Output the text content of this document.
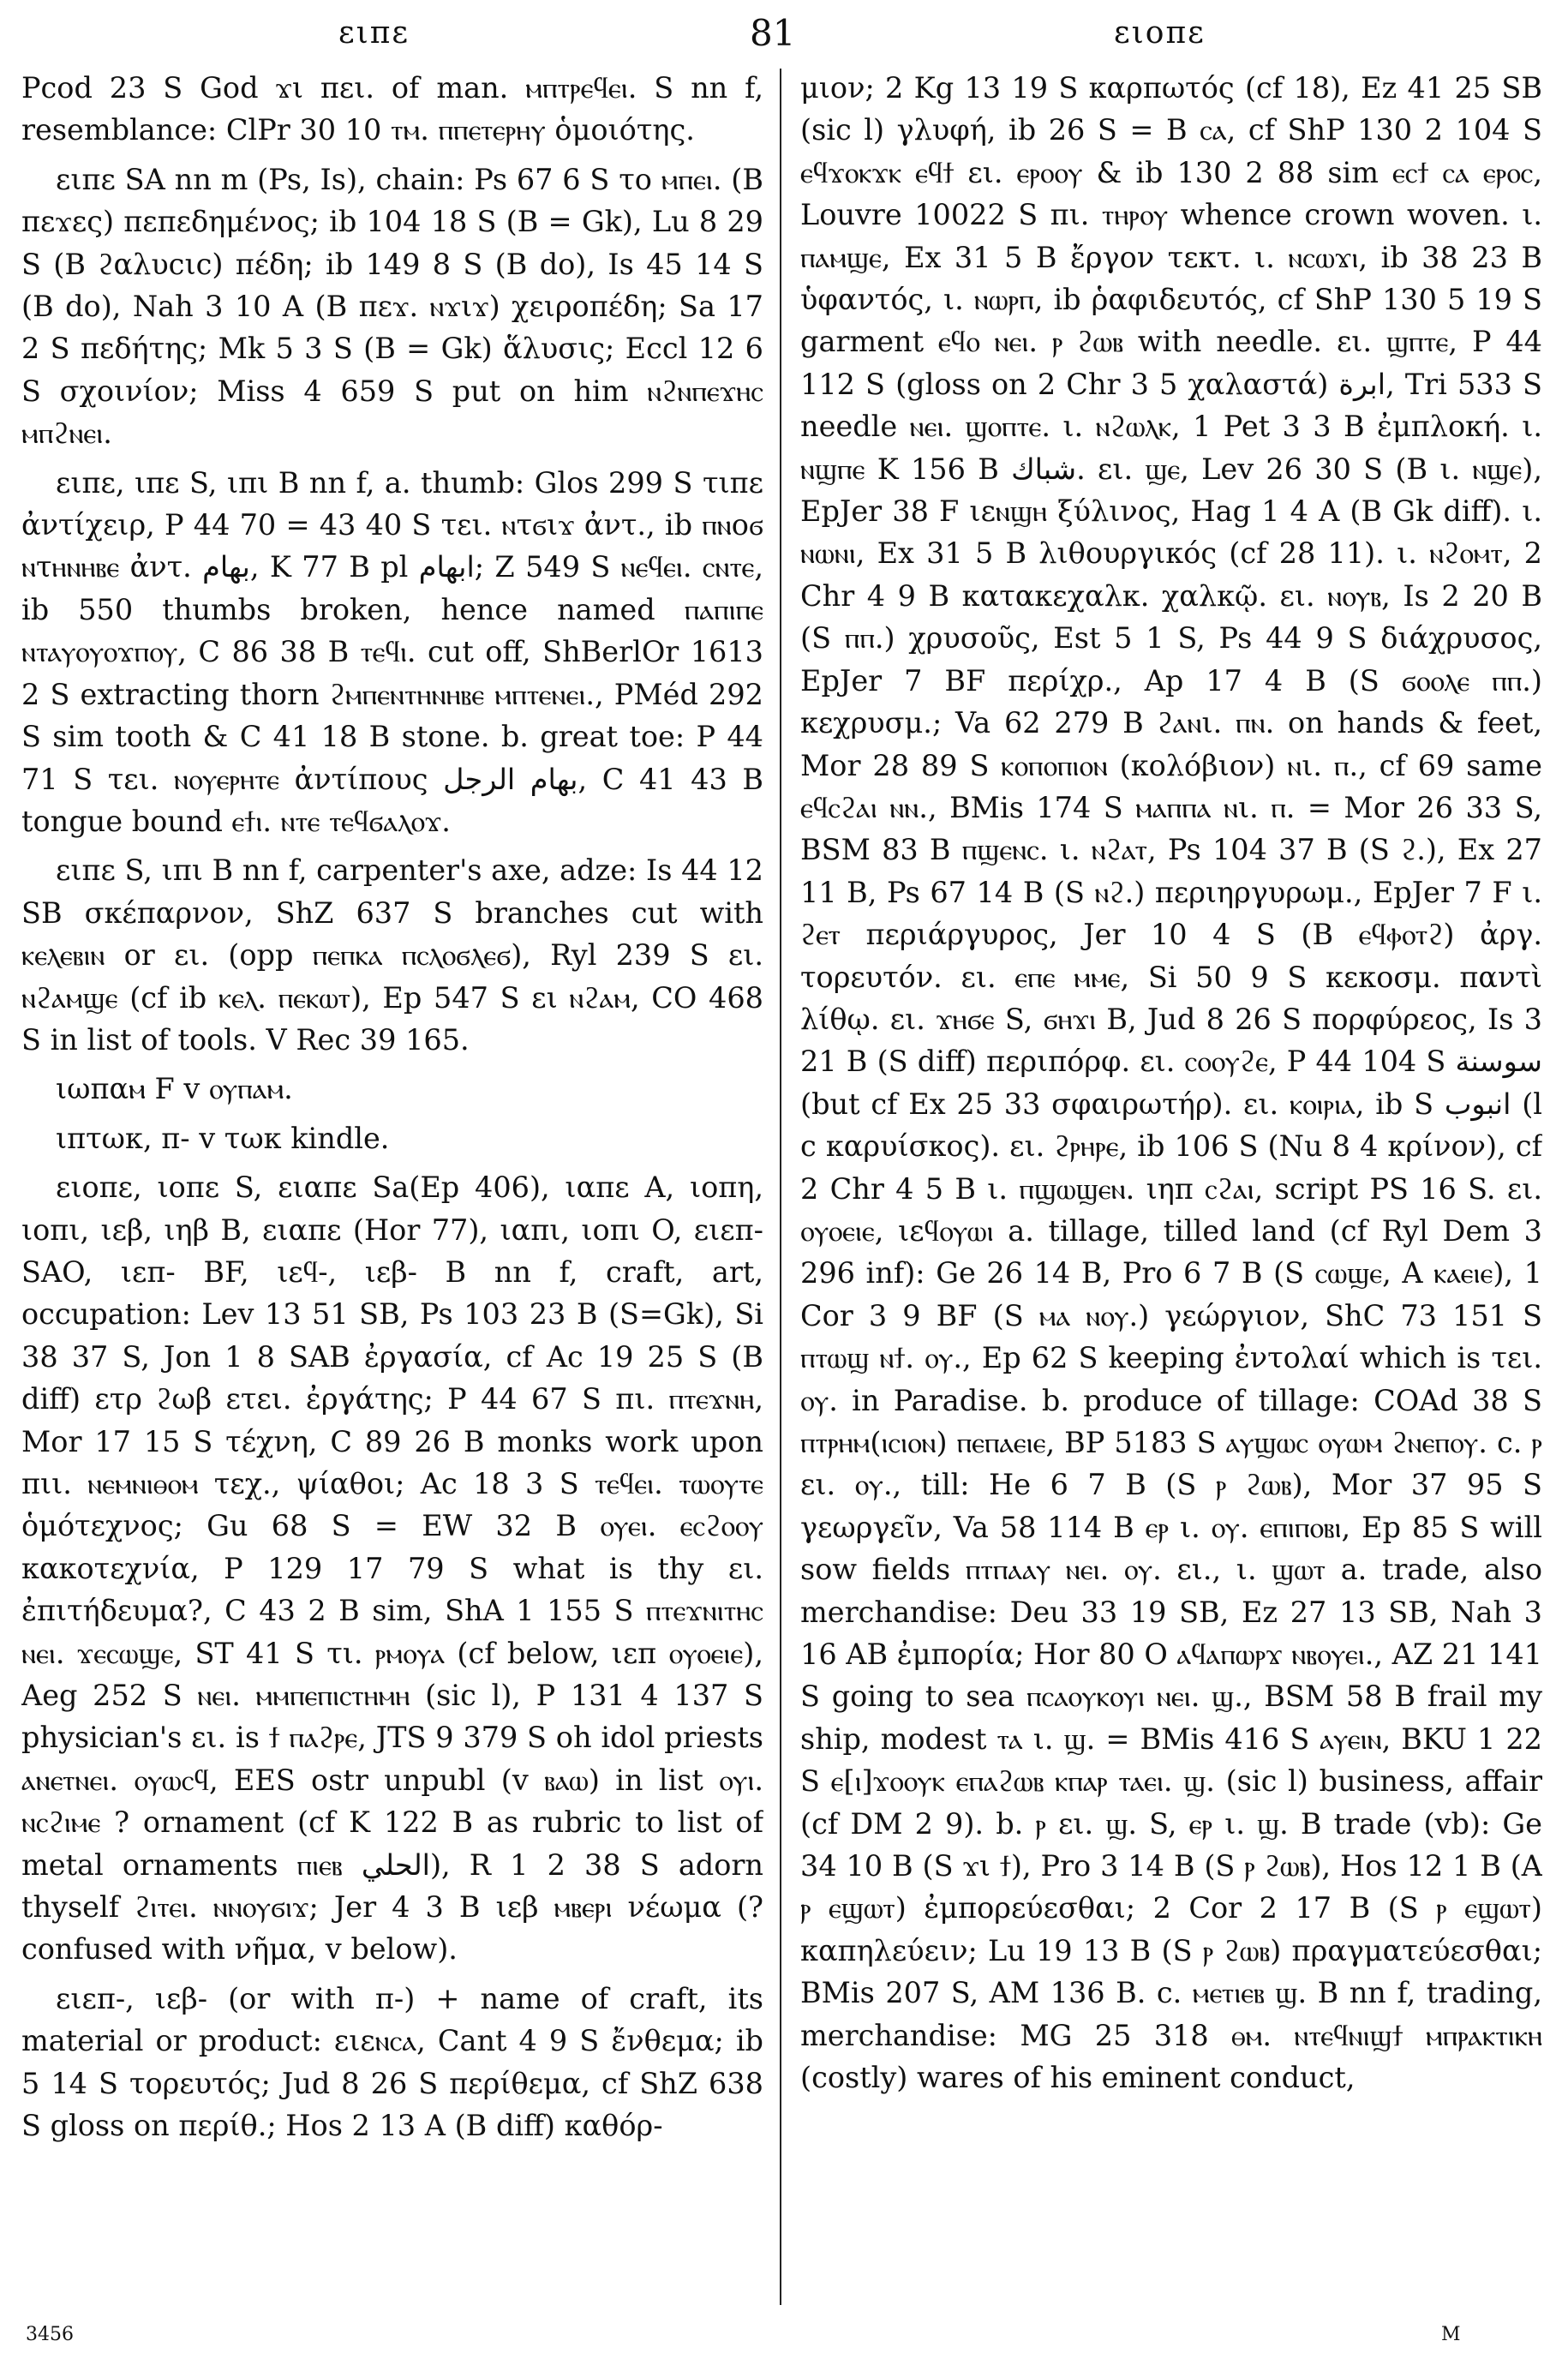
ειπε	81	ειοπε

Pcod 23 S God ϫι πει. of man. ⲙⲡⲧⲣⲉϥⲉⲓ. S nn f, resemblance: ClPr 30 10 ⲧⲙ. ⲡⲡⲉⲧⲉⲣⲏⲩ ὁμοιότης.

ειπε SA nn m (Ps, Is), chain: Ps 67 6 S το ⲙⲡⲉⲓ. (B πεϫες) πεπεδημένος; ib 104 18 S (B = Gk), Lu 8 29 S (B ϩαλυcιc) πέδη; ib 149 8 S (B do), Is 45 14 S (B do), Nah 3 10 A (B πεϫ. ⲛϫιϫ) χειροπέδη; Sa 17 2 S πεδήτης; Mk 5 3 S (B = Gk) ἅλυσις; Eccl 12 6 S σχοινίον; Miss 4 659 S put on him ⲛϩⲛⲡⲉϫⲏⲥ ⲙⲡϩⲛⲉⲓ.

ειπε, ιπε S, ιπι B nn f, a. thumb: Glos 299 S τιπε ἀντίχειρ, P 44 70 = 43 40 S τει. ⲛτϭιϫ ἀντ., ib ⲡⲛοϭ ⲛτⲏⲛⲏⲃⲉ ἀντ. بهام, K 77 B pl ابهام; Z 549 S ⲛⲉϥⲉⲓ. ⲥⲛⲧⲉ, ib 550 thumbs broken, hence named ⲡⲁⲡⲓⲡⲉ ⲛⲧⲁⲩⲟⲩⲟϫⲡⲟⲩ, C 86 38 B ⲧⲉϥⲓ. cut off, ShBerlOr 1613 2 S extracting thorn ϩⲙⲡⲉⲛⲧⲏⲛⲏⲃⲉ ⲙⲡⲧⲉⲛⲉⲓ., PMéd 292 S sim tooth & C 41 18 B stone. b. great toe: P 44 71 S τει. ⲛⲟⲩⲉⲣⲏⲧⲉ ἀντίπους بهام الرجل, C 41 43 B tongue bound ⲉϯⲓ. ⲛⲧⲉ ⲧⲉϥϭⲁⲗⲟϫ.

ειπε S, ιπι B nn f, carpenter's axe, adze: Is 44 12 SB σκέπαρνον, ShZ 637 S branches cut with ⲕⲉⲗⲉⲃⲓⲛ or ει. (opp ⲡⲉⲡⲕⲁ ⲡⲥⲗⲟϭⲗⲉϭ), Ryl 239 S ει. ⲛϩⲁⲙϣⲉ (cf ib ⲕⲉⲗ. ⲡⲉⲕⲱⲧ), Ep 547 S ει ⲛϩⲁⲙ, CO 468 S in list of tools. V Rec 39 165.

ιωπαⲙ F v ⲟⲩⲡⲁⲙ.

ιπτωκ, π- v τωκ kindle.

ειοπε, ιοπε S, ειαπε Sa(Ep 406), ιαπε A, ιοπη, ιοπι, ιεβ, ιηβ B, ειαπε (Hor 77), ιαπι, ιοπι O, ειεπ- SAO, ιεπ- BF, ιεϥ-, ιεβ- B nn f, craft, art, occupation: Lev 13 51 SB, Ps 103 23 B (S=Gk), Si 38 37 S, Jon 1 8 SAB ἐργασία, cf Ac 19 25 S (B diff) ετρ ϩωβ ετει. ἐργάτης; P 44 67 S πι. ⲡⲧⲉϫⲛⲏ, Mor 17 15 S τέχνη, C 89 26 B monks work upon πιι. ⲛⲉⲙⲛⲓⲑⲟⲙ τεχ., ψίαθοι; Ac 18 3 S ⲧⲉϥⲉⲓ. ⲧⲱⲟⲩⲧⲉ ὁμότεχνος; Gu 68 S = EW 32 B ⲟⲩⲉⲓ. ⲉⲥϩⲟⲟⲩ κακοτεχνία, P 129 17 79 S what is thy ει. ἐπιτήδευμα?, C 43 2 B sim, ShA 1 155 S ⲡⲧⲉϫⲛⲓⲧⲏⲥ ⲛⲉⲓ. ϫⲉⲥⲱϣⲉ, ST 41 S τι. ⲣⲙⲟⲩⲁ (cf below, ιεπ ⲟⲩⲟⲉⲓⲉ), Aeg 252 S ⲛⲉⲓ. ⲙⲙⲡⲉⲡⲓⲥⲧⲏⲙⲏ (sic l), P 131 4 137 S physician's ει. is ϯ ⲡⲁϩⲣⲉ, JTS 9 379 S oh idol priests ⲁⲛⲉⲧⲛⲉⲓ. ⲟⲩⲱⲥϥ, EES ostr unpubl (v ⲃⲁⲱ) in list ⲟⲩⲓ. ⲛⲥϩⲓⲙⲉ ? ornament (cf K 122 B as rubric to list of metal ornaments ⲡⲓⲉⲃ الحلي), R 1 2 38 S adorn thyself ϩⲓⲧⲉⲓ. ⲛⲛⲟⲩϭⲓϫ; Jer 4 3 B ιεβ ⲙⲃⲉⲣⲓ νέωμα (? confused with νῆμα, v below).

ειεπ-, ιεβ- (or with π-) + name of craft, its material or product: ειεⲛⲥⲁ, Cant 4 9 S ἔνθεμα; ib 5 14 S τορευτός; Jud 8 26 S περίθεμα, cf ShZ 638 S gloss on περίθ.; Hos 2 13 A (B diff) καθόρ-

μιον; 2 Kg 13 19 S καρπωτός (cf 18), Ez 41 25 SB (sic l) γλυφή, ib 26 S = B ⲥⲁ, cf ShP 130 2 104 S ⲉϥϫⲟⲕϫⲕ ⲉϥϯ ει. ⲉⲣⲟⲟⲩ & ib 130 2 88 sim ⲉⲥϯ ⲥⲁ ⲉⲣⲟⲥ, Louvre 10022 S πι. ⲧⲏⲣⲟⲩ whence crown woven. ι. ⲡⲁⲙϣⲉ, Ex 31 5 B ἔργον τεκτ. ι. ⲛⲥⲱϫⲓ, ib 38 23 B ὑφαντός, ι. ⲛⲱⲣⲡ, ib ῥαφιδευτός, cf ShP 130 5 19 S garment ⲉϥⲟ ⲛⲉⲓ. ⲣ ϩⲱⲃ with needle. ει. ϣⲡⲧⲉ, P 44 112 S (gloss on 2 Chr 3 5 χαλαστά) ابرة, Tri 533 S needle ⲛⲉⲓ. ϣⲟⲡⲧⲉ. ι. ⲛϩⲱⲗⲕ, 1 Pet 3 3 B ἐμπλοκή. ι. ⲛϣⲡⲉ K 156 B شباك. ει. ϣⲉ, Lev 26 30 S (B ι. ⲛϣⲉ), EpJer 38 F ιεⲛϣⲏ ξύλινος, Hag 1 4 A (B Gk diff). ι. ⲛⲱⲛⲓ, Ex 31 5 B λιθουργικός (cf 28 11). ι. ⲛϩⲟⲙⲧ, 2 Chr 4 9 B κατακεχαλκ. χαλκῷ. ει. ⲛⲟⲩⲃ, Is 2 20 B (S ⲡⲡ.) χρυσοῦς, Est 5 1 S, Ps 44 9 S διάχρυσος, EpJer 7 BF περίχρ., Ap 17 4 B (S ϭⲟⲟⲗⲉ ⲡⲡ.) κεχρυσμ.; Va 62 279 B ϩⲁⲛι. ⲡⲛ. on hands & feet, Mor 28 89 S ⲕⲟⲡⲟⲡⲓⲟⲛ (κολόβιον) ⲛι. ⲡ., cf 69 same ⲉϥⲥϩⲁⲓ ⲛⲛ., BMis 174 S ⲙⲁⲡⲡⲁ ⲛι. ⲡ. = Mor 26 33 S, BSM 83 B ⲡϣⲉⲛⲥ. ι. ⲛϩⲁⲧ, Ps 104 37 B (S ϩ.), Ex 27 11 B, Ps 67 14 B (S ⲛϩ.) περιηργυρωμ., EpJer 7 F ι. ϩⲉⲧ περιάργυρος, Jer 10 4 S (B ⲉϥⲫⲟⲧϩ) ἀργ. τορευτόν. ει. ⲉⲡⲉ ⲙⲙⲉ, Si 50 9 S κεκοσμ. παντὶ λίθῳ. ει. ϫⲏϭⲉ S, ϭⲏϫⲓ B, Jud 8 26 S πορφύρεος, Is 3 21 B (S diff) περιπόρφ. ει. ⲥⲟⲟⲩϩⲉ, P 44 104 S سوسنة (but cf Ex 25 33 σφαιρωτήρ). ει. ⲕⲟⲓⲣⲓⲁ, ib S انبوب (l c καρυίσκος). ει. ϩⲣⲏⲣⲉ, ib 106 S (Nu 8 4 κρίνον), cf 2 Chr 4 5 B ι. ⲡϣⲱϣⲉⲛ. ιηπ ⲥϩⲁⲓ, script PS 16 S. ει. ⲟⲩⲟⲉⲓⲉ, ιεϥⲟⲩⲱⲓ a. tillage, tilled land (cf Ryl Dem 3 296 inf): Ge 26 14 B, Pro 6 7 B (S ⲥⲱϣⲉ, A ⲕⲁⲉⲓⲉ), 1 Cor 3 9 BF (S ⲙⲁ ⲛⲟⲩ.) γεώργιον, ShC 73 151 S ⲡⲧⲱϣ ⲛϯ. ⲟⲩ., Ep 62 S keeping ἐντολαί which is τει. ⲟⲩ. in Paradise. b. produce of tillage: COAd 38 S ⲡⲧⲣⲏⲙ(ⲓⲥⲓⲟⲛ) ⲡⲉⲡⲁⲉⲓⲉ, BP 5183 S ⲁⲩϣⲱⲥ ⲟⲩⲱⲙ ϩⲛⲉⲡⲟⲩ. c. ⲣ ει. ⲟⲩ., till: He 6 7 B (S ⲣ ϩⲱⲃ), Mor 37 95 S γεωργεῖν, Va 58 114 B ⲉⲣ ι. ⲟⲩ. ⲉⲡⲓⲡⲟⲃⲓ, Ep 85 S will sow fields ⲡⲧⲡⲁⲁⲩ ⲛⲉⲓ. ⲟⲩ. ει., ι. ϣⲱⲧ a. trade, also merchandise: Deu 33 19 SB, Ez 27 13 SB, Nah 3 16 AB ἐμπορία; Hor 80 O ⲁϥⲁⲡⲱⲣϫ ⲛⲃⲟⲩⲉⲓ., AZ 21 141 S going to sea ⲡⲥⲁⲟⲩⲕⲟⲩⲓ ⲛⲉⲓ. ϣ., BSM 58 B frail my ship, modest ⲧⲁ ι. ϣ. = BMis 416 S ⲁⲩⲉⲓⲛ, BKU 1 22 S ⲉ[ⲓ]ϫⲟⲟⲩⲕ ⲉⲡⲁϩⲱⲃ ⲕⲡⲁⲣ ⲧⲁⲉⲓ. ϣ. (sic l) business, affair (cf DM 2 9). b. ⲣ ει. ϣ. S, ⲉⲣ ι. ϣ. B trade (vb): Ge 34 10 B (S ϫι ϯ), Pro 3 14 B (S ⲣ ϩⲱⲃ), Hos 12 1 B (A ⲣ ⲉϣⲱⲧ) ἐμπορεύεσθαι; 2 Cor 2 17 B (S ⲣ ⲉϣⲱⲧ) καπηλεύειν; Lu 19 13 B (S ⲣ ϩⲱⲃ) πραγματεύεσθαι; BMis 207 S, AM 136 B. c. ⲙⲉⲧⲓⲉⲃ ϣ. B nn f, trading, merchandise: MG 25 318 ⲑⲙ. ⲛⲧⲉϥⲛⲓϣϯ ⲙⲡⲣⲁⲕⲧⲓⲕⲏ (costly) wares of his eminent conduct,

3456	M
